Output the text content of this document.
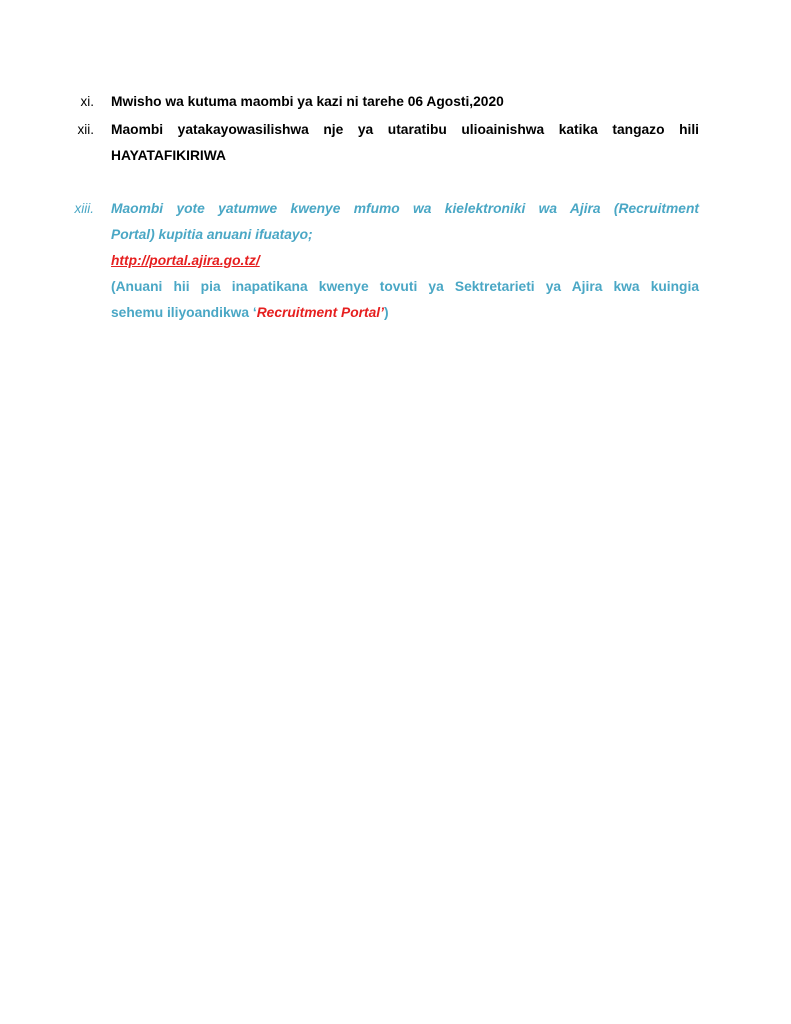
xi. Mwisho wa kutuma maombi ya kazi ni tarehe 06 Agosti,2020
xii. Maombi yatakayowasilishwa nje ya utaratibu ulioainishwa katika tangazo hili
HAYATAFIKIRIWA
xiii. Maombi yote yatumwe kwenye mfumo wa kielektroniki wa Ajira (Recruitment
Portal) kupitia anuani ifuatayo;
http://portal.ajira.go.tz/
(Anuani hii pia inapatikana kwenye tovuti ya Sektretarieti ya Ajira kwa kuingia
sehemu iliyoandikwa ‘Recruitment Portal’)
